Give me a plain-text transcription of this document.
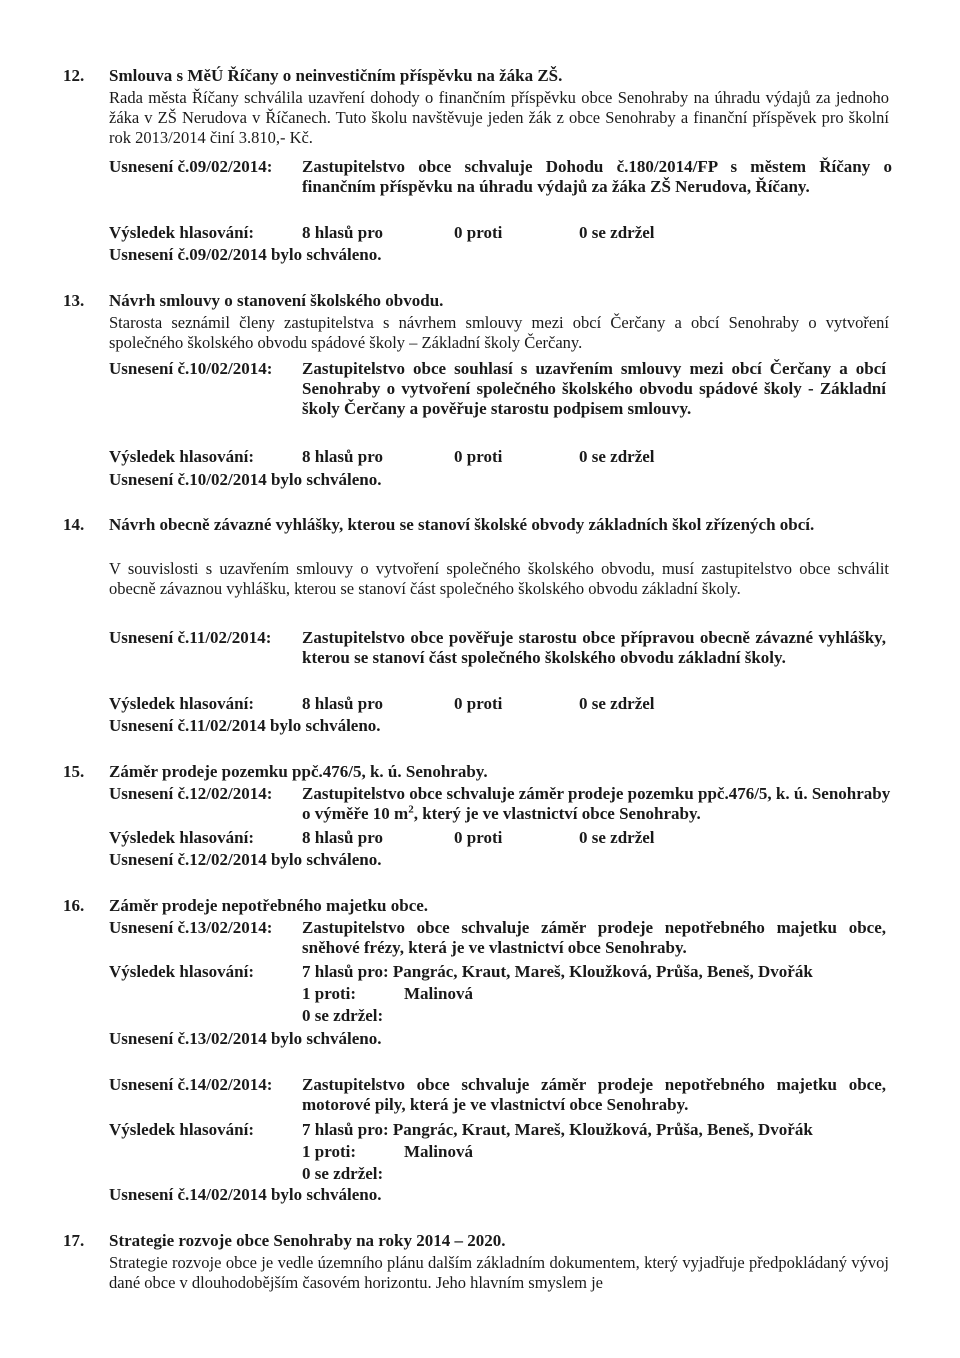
12. Smlouva s MěÚ Říčany o neinvestičním příspěvku na žáka ZŠ.
Rada města Říčany schválila uzavření dohody o finančním příspěvku obce Senohraby na úhradu výdajů za jednoho žáka v ZŠ Nerudova v Říčanech. Tuto školu navštěvuje jeden žák z obce Senohraby a finanční příspěvek pro školní rok 2013/2014 činí 3.810,- Kč.
Usnesení č.09/02/2014: Zastupitelstvo obce schvaluje Dohodu č.180/2014/FP s městem Říčany o finančním příspěvku na úhradu výdajů za žáka ZŠ Nerudova, Říčany.
Výsledek hlasování:	8 hlasů pro	0 proti	0 se zdržel
Usnesení č.09/02/2014 bylo schváleno.
13. Návrh smlouvy o stanovení školského obvodu.
Starosta seznámil členy zastupitelstva s návrhem smlouvy mezi obcí Čerčany a obcí Senohraby o vytvoření společného školského obvodu spádové školy – Základní školy Čerčany.
Usnesení č.10/02/2014: Zastupitelstvo obce souhlasí s uzavřením smlouvy mezi obcí Čerčany a obcí Senohraby o vytvoření společného školského obvodu spádové školy - Základní školy Čerčany a pověřuje starostu podpisem smlouvy.
Výsledek hlasování:	8 hlasů pro	0 proti	0 se zdržel
Usnesení č.10/02/2014 bylo schváleno.
14. Návrh obecně závazné vyhlášky, kterou se stanoví školské obvody základních škol zřízených obcí.
V souvislosti s uzavřením smlouvy o vytvoření společného školského obvodu, musí zastupitelstvo obce schválit obecně závaznou vyhlášku, kterou se stanoví část společného školského obvodu základní školy.
Usnesení č.11/02/2014: Zastupitelstvo obce pověřuje starostu obce přípravou obecně závazné vyhlášky, kterou se stanoví část společného školského obvodu základní školy.
Výsledek hlasování:	8 hlasů pro	0 proti	0 se zdržel
Usnesení č.11/02/2014 bylo schváleno.
15. Záměr prodeje pozemku ppč.476/5, k. ú. Senohraby.
Usnesení č.12/02/2014: Zastupitelstvo obce schvaluje záměr prodeje pozemku ppč.476/5, k. ú. Senohraby o výměře 10 $m^2$, který je ve vlastnictví obce Senohraby.
Výsledek hlasování:	8 hlasů pro	0 proti	0 se zdržel
Usnesení č.12/02/2014 bylo schváleno.
16. Záměr prodeje nepotřebného majetku obce.
Usnesení č.13/02/2014: Zastupitelstvo obce schvaluje záměr prodeje nepotřebného majetku obce, sněhové frézy, která je ve vlastnictví obce Senohraby.
Výsledek hlasování:	7 hlasů pro: Pangrác, Kraut, Mareš, Kloužková, Průša, Beneš, Dvořák
1 proti:	Malinová
0 se zdržel:
Usnesení č.13/02/2014 bylo schváleno.
Usnesení č.14/02/2014: Zastupitelstvo obce schvaluje záměr prodeje nepotřebného majetku obce, motorové pily, která je ve vlastnictví obce Senohraby.
Výsledek hlasování:	7 hlasů pro: Pangrác, Kraut, Mareš, Kloužková, Průša, Beneš, Dvořák
1 proti:	Malinová
0 se zdržel:
Usnesení č.14/02/2014 bylo schváleno.
17. Strategie rozvoje obce Senohraby na roky 2014 – 2020.
Strategie rozvoje obce je vedle územního plánu dalším základním dokumentem, který vyjadřuje předpokládaný vývoj dané obce v dlouhodobějším časovém horizontu. Jeho hlavním smyslem je
